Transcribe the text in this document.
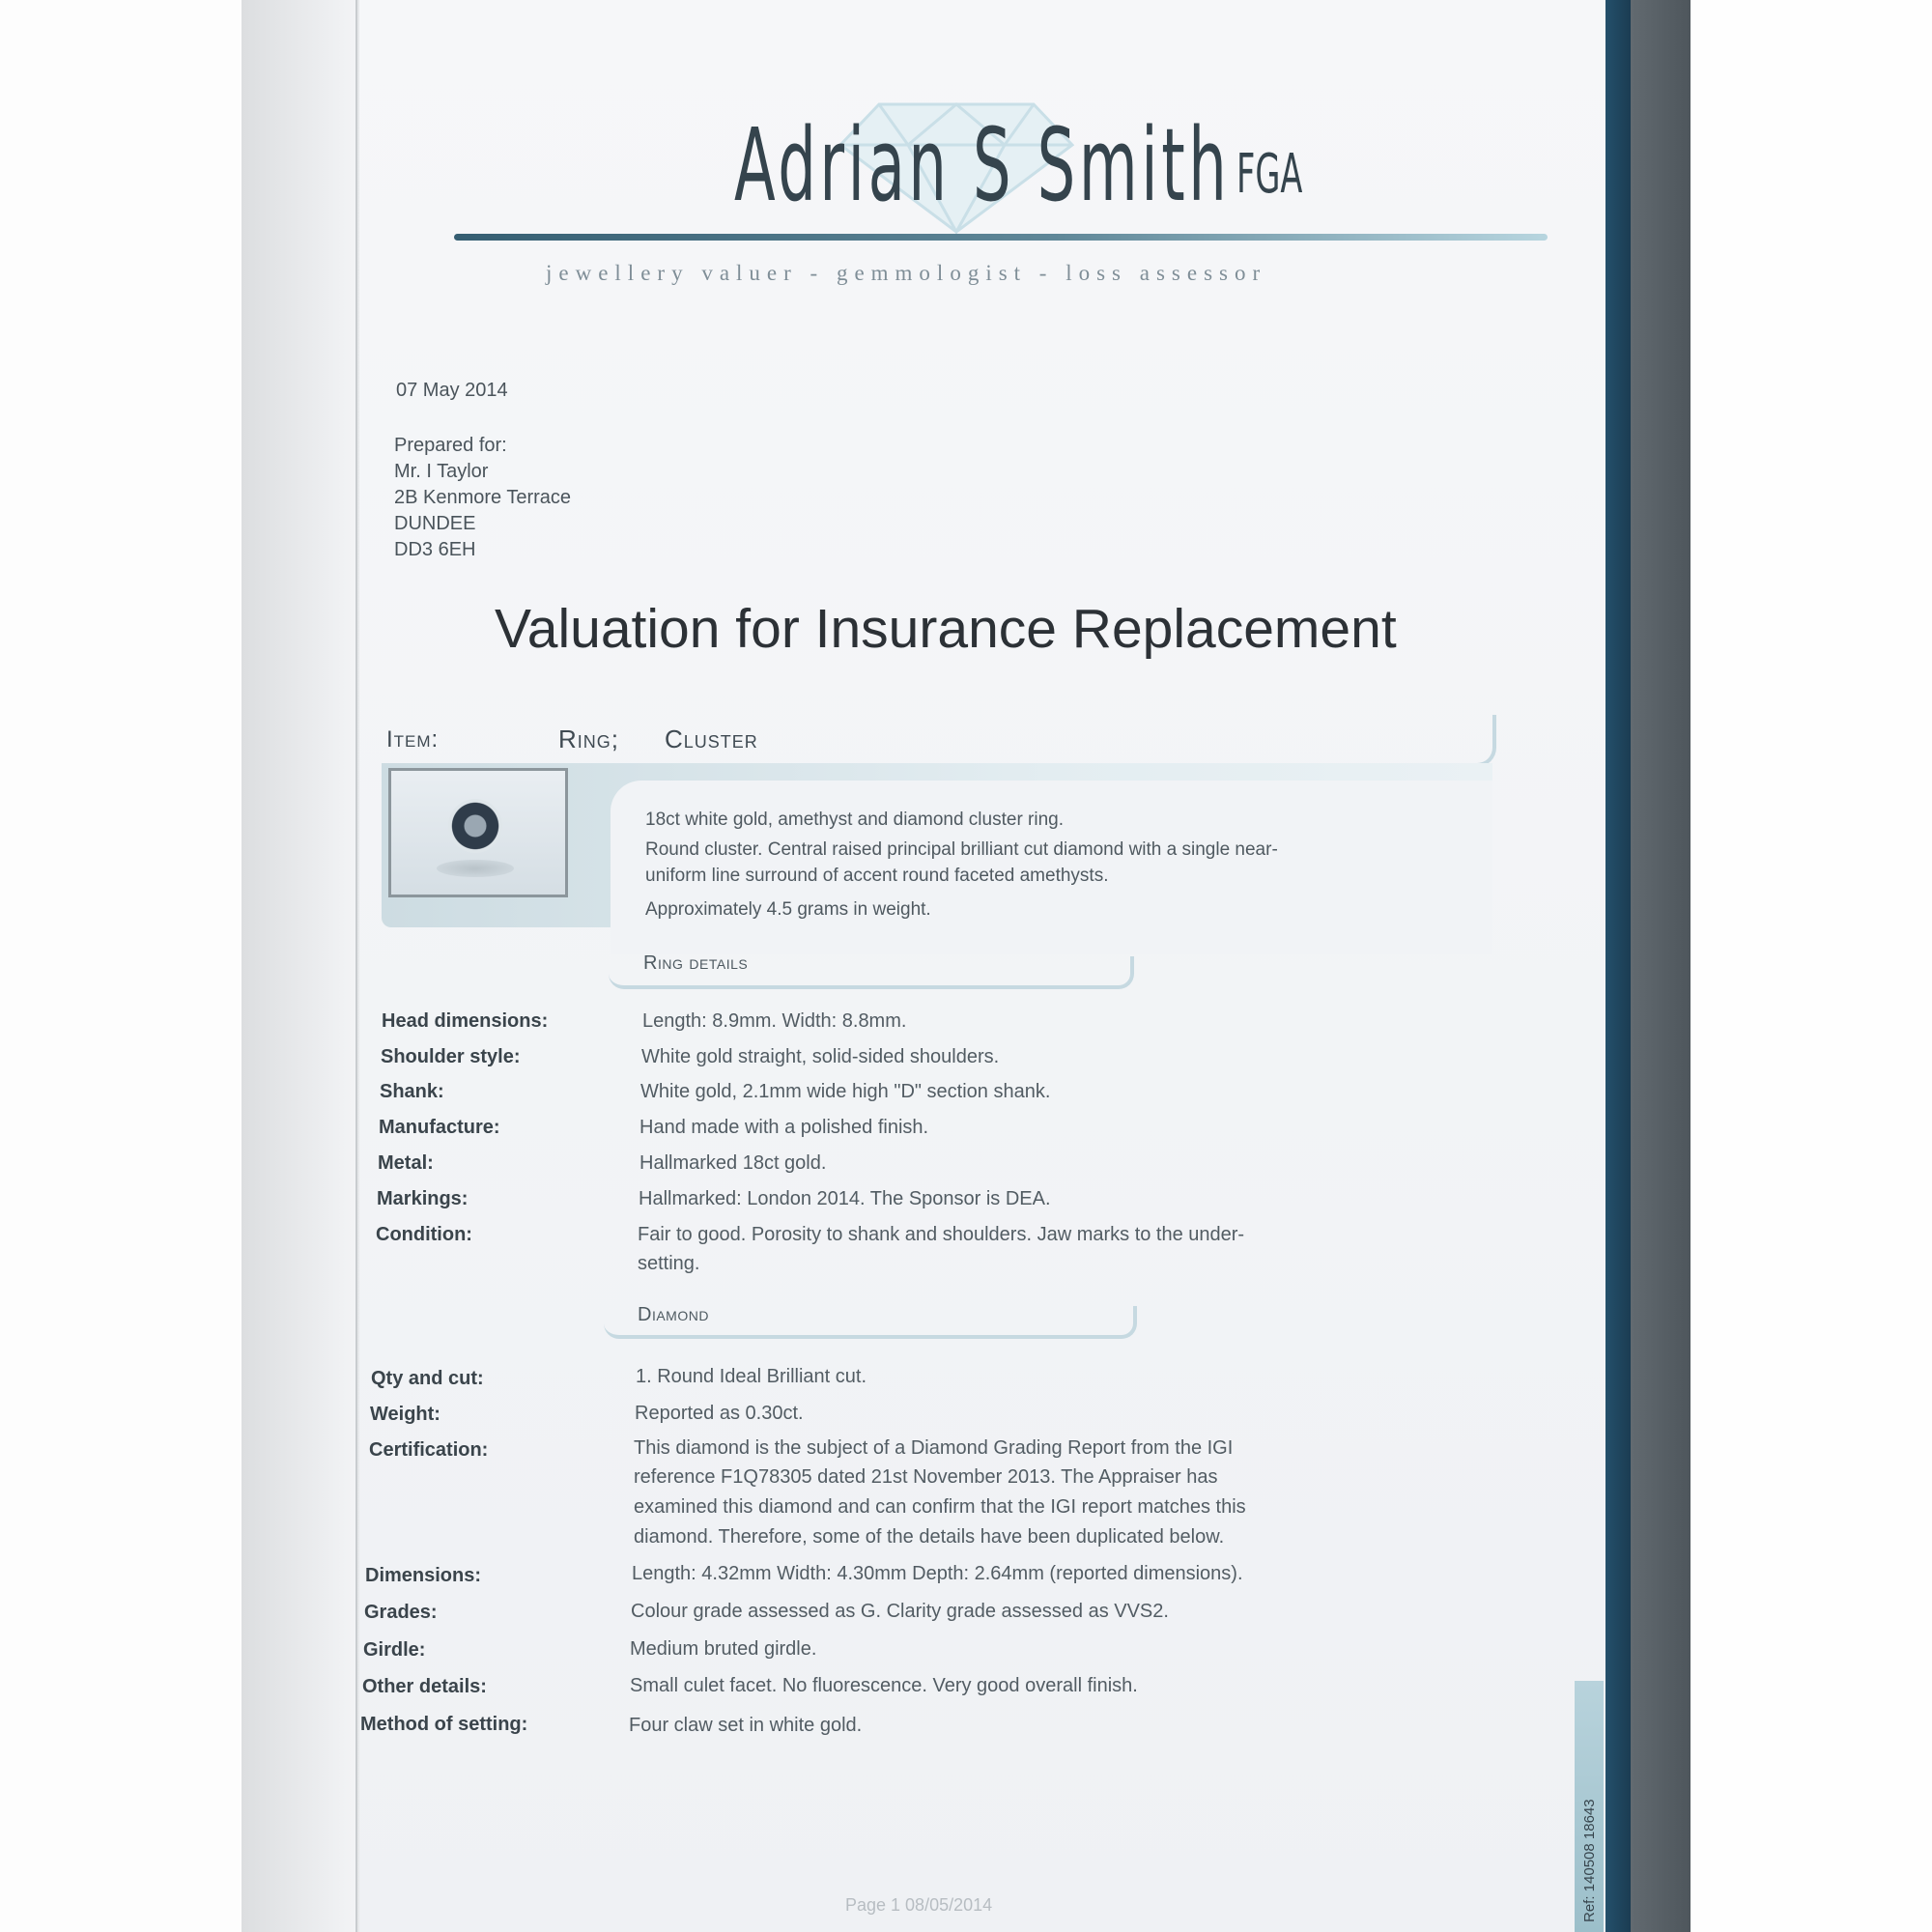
Adrian S Smith FGA
jewellery valuer - gemmologist - loss assessor
07 May 2014
Prepared for:
Mr. I Taylor
2B Kenmore Terrace
DUNDEE
DD3 6EH
Valuation for Insurance Replacement
Item:	Ring; Cluster
18ct white gold, amethyst and diamond cluster ring.
Round cluster. Central raised principal brilliant cut diamond with a single near-
uniform line surround of accent round faceted amethysts.
Approximately 4.5 grams in weight.
Ring details
Head dimensions:	Length: 8.9mm. Width: 8.8mm.
Shoulder style:	White gold straight, solid-sided shoulders.
Shank:	White gold, 2.1mm wide high "D" section shank.
Manufacture:	Hand made with a polished finish.
Metal:	Hallmarked 18ct gold.
Markings:	Hallmarked: London 2014. The Sponsor is DEA.
Condition:	Fair to good. Porosity to shank and shoulders. Jaw marks to the under-
setting.
Diamond
Qty and cut:	1. Round Ideal Brilliant cut.
Weight:	Reported as 0.30ct.
Certification:	This diamond is the subject of a Diamond Grading Report from the IGI
reference F1Q78305 dated 21st November 2013. The Appraiser has
examined this diamond and can confirm that the IGI report matches this
diamond. Therefore, some of the details have been duplicated below.
Dimensions:	Length: 4.32mm Width: 4.30mm Depth: 2.64mm (reported dimensions).
Grades:	Colour grade assessed as G. Clarity grade assessed as VVS2.
Girdle:	Medium bruted girdle.
Other details:	Small culet facet. No fluorescence. Very good overall finish.
Method of setting:	Four claw set in white gold.
Ref: 140508 18643
Page 1 08/05/2014
